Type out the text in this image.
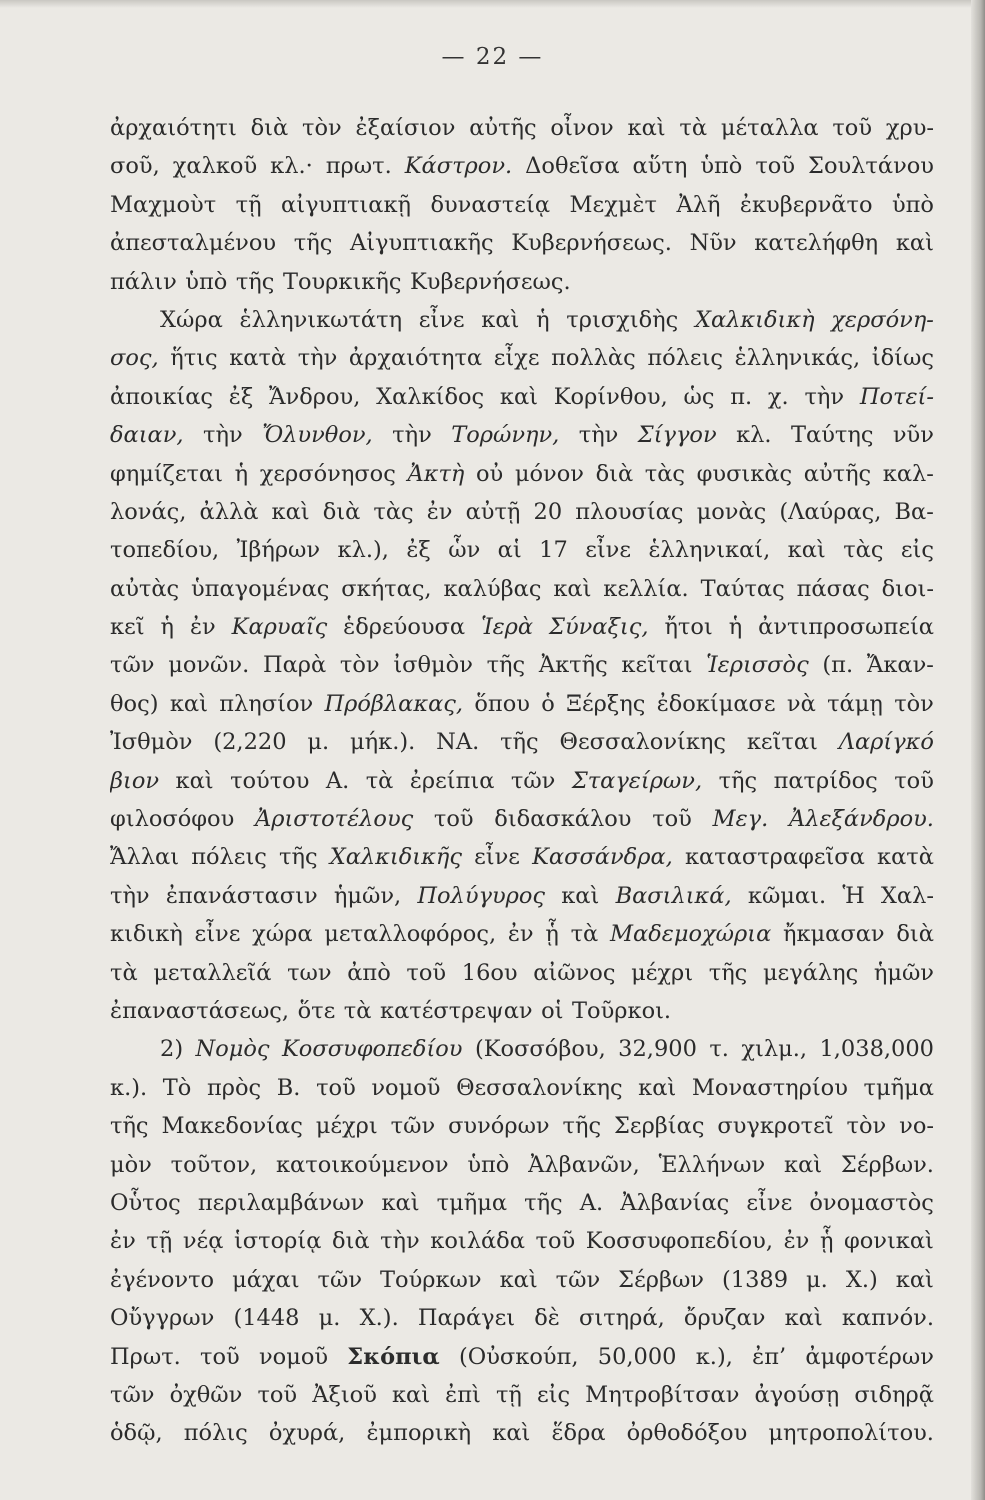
— 22 —
ἀρχαιότητι διὰ τὸν ἐξαίσιον αὐτῆς οἶνον καὶ τὰ μέταλλα τοῦ χρυ-
σοῦ, χαλκοῦ κλ.· πρωτ. Κάστρον. Δοθεῖσα αὕτη ὑπὸ τοῦ Σουλτάνου
Μαχμοὺτ τῇ αἰγυπτιακῇ δυναστείᾳ Μεχμὲτ Ἀλῆ ἐκυβερνᾶτο ὑπὸ
ἀπεσταλμένου τῆς Αἰγυπτιακῆς Κυβερνήσεως. Νῦν κατελήφθη καὶ
πάλιν ὑπὸ τῆς Τουρκικῆς Κυβερνήσεως.
Χώρα ἑλληνικωτάτη εἶνε καὶ ἡ τρισχιδὴς Χαλκιδικὴ χερσόνη-
σος, ἥτις κατὰ τὴν ἀρχαιότητα εἶχε πολλὰς πόλεις ἑλληνικάς, ἰδίως
ἀποικίας ἐξ Ἄνδρου, Χαλκίδος καὶ Κορίνθου, ὡς π. χ. τὴν Ποτεί-
δαιαν, τὴν Ὄλυνθον, τὴν Τορώνην, τὴν Σίγγον κλ. Ταύτης νῦν
φημίζεται ἡ χερσόνησος Ἀκτὴ οὐ μόνον διὰ τὰς φυσικὰς αὐτῆς καλ-
λονάς, ἀλλὰ καὶ διὰ τὰς ἐν αὐτῇ 20 πλουσίας μονὰς (Λαύρας, Βα-
τοπεδίου, Ἰβήρων κλ.), ἐξ ὧν αἱ 17 εἶνε ἑλληνικαί, καὶ τὰς εἰς
αὐτὰς ὑπαγομένας σκήτας, καλύβας καὶ κελλία. Ταύτας πάσας διοι-
κεῖ ἡ ἐν Καρυαῖς ἑδρεύουσα Ἱερὰ Σύναξις, ἤτοι ἡ ἀντιπροσωπεία
τῶν μονῶν. Παρὰ τὸν ἰσθμὸν τῆς Ἀκτῆς κεῖται Ἱερισσὸς (π. Ἄκαν-
θος) καὶ πλησίον Πρόβλακας, ὅπου ὁ Ξέρξης ἐδοκίμασε νὰ τάμῃ τὸν
Ἰσθμὸν (2,220 μ. μήκ.). ΝΑ. τῆς Θεσσαλονίκης κεῖται Λαρίγκό
βιον καὶ τούτου Α. τὰ ἐρείπια τῶν Σταγείρων, τῆς πατρίδος τοῦ
φιλοσόφου Ἀριστοτέλους τοῦ διδασκάλου τοῦ Μεγ. Ἀλεξάνδρου.
Ἄλλαι πόλεις τῆς Χαλκιδικῆς εἶνε Κασσάνδρα, καταστραφεῖσα κατὰ
τὴν ἐπανάστασιν ἡμῶν, Πολύγυρος καὶ Βασιλικά, κῶμαι. Ἡ Χαλ-
κιδικὴ εἶνε χώρα μεταλλοφόρος, ἐν ᾗ τὰ Μαδεμοχώρια ἤκμασαν διὰ
τὰ μεταλλεῖά των ἀπὸ τοῦ 16ου αἰῶνος μέχρι τῆς μεγάλης ἡμῶν
ἐπαναστάσεως, ὅτε τὰ κατέστρεψαν οἱ Τοῦρκοι.
2) Νομὸς Κοσσυφοπεδίου (Κοσσόβου, 32,900 τ. χιλμ., 1,038,000
κ.). Τὸ πρὸς Β. τοῦ νομοῦ Θεσσαλονίκης καὶ Μοναστηρίου τμῆμα
τῆς Μακεδονίας μέχρι τῶν συνόρων τῆς Σερβίας συγκροτεῖ τὸν νο-
μὸν τοῦτον, κατοικούμενον ὑπὸ Ἀλβανῶν, Ἑλλήνων καὶ Σέρβων.
Οὗτος περιλαμβάνων καὶ τμῆμα τῆς Α. Ἀλβανίας εἶνε ὀνομαστὸς
ἐν τῇ νέᾳ ἱστορίᾳ διὰ τὴν κοιλάδα τοῦ Κοσσυφοπεδίου, ἐν ᾗ φονικαὶ
ἐγένοντο μάχαι τῶν Τούρκων καὶ τῶν Σέρβων (1389 μ. Χ.) καὶ
Οὔγγρων (1448 μ. Χ.). Παράγει δὲ σιτηρά, ὄρυζαν καὶ καπνόν.
Πρωτ. τοῦ νομοῦ Σκόπια (Οὐσκούπ, 50,000 κ.), ἐπ’ ἀμφοτέρων
τῶν ὀχθῶν τοῦ Ἀξιοῦ καὶ ἐπὶ τῇ εἰς Μητροβίτσαν ἀγούσῃ σιδηρᾷ
ὁδῷ, πόλις ὀχυρά, ἐμπορικὴ καὶ ἕδρα ὀρθοδόξου μητροπολίτου.
